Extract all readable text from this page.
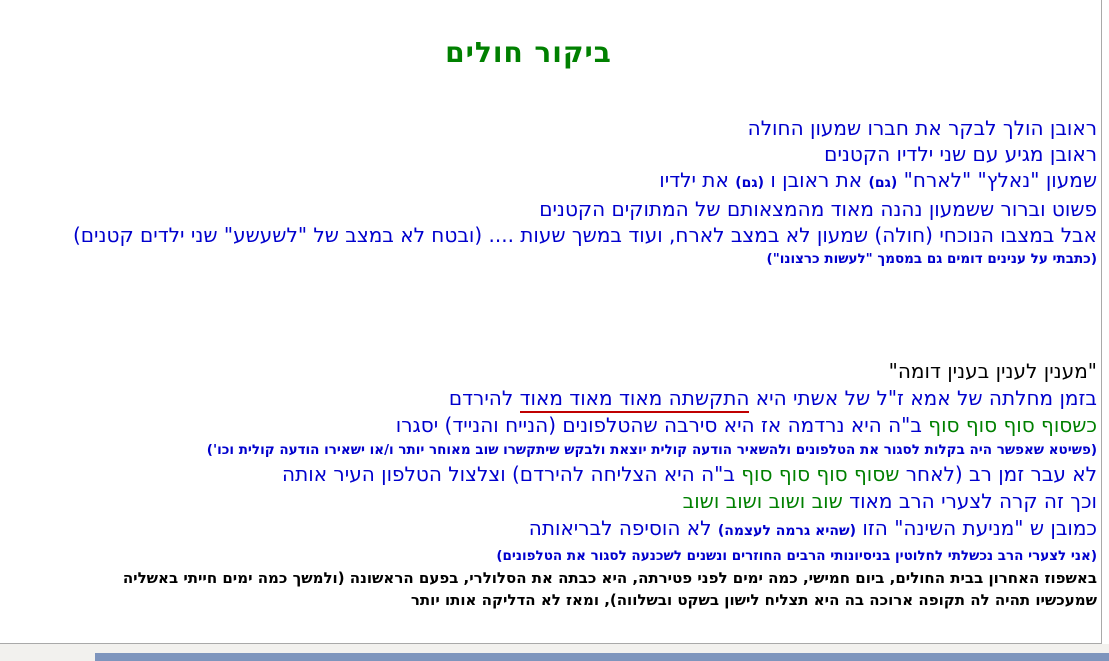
ביקור חולים
ראובן הולך לבקר את חברו שמעון החולה
ראובן מגיע עם שני ילדיו הקטנים
שמעון "נאלץ" "לארח" (גם) את ראובן ו (גם) את ילדיו
פשוט וברור ששמעון נהנה מאוד מהמצאותם של המתוקים הקטנים
אבל במצבו הנוכחי (חולה) שמעון לא במצב לארח, ועוד במשך שעות .... (ובטח לא במצב של "לשעשע" שני ילדים קטנים)
(כתבתי על ענינים דומים גם במסמך "לעשות כרצונו")
"מענין לענין בענין דומה"
בזמן מחלתה של אמא ז"ל של אשתי היא התקשתה מאוד מאוד מאוד להירדם
כשסוף סוף סוף סוף ב"ה היא נרדמה אז היא סירבה שהטלפונים (הנייח והנייד) יסגרו
(פשיטא שאפשר היה בקלות לסגור את הטלפונים ולהשאיר הודעה קולית יוצאת ולבקש שיתקשרו שוב מאוחר יותר ו/או ישאירו הודעה קולית וכו')
לא עבר זמן רב (לאחר שסוף סוף סוף סוף ב"ה היא הצליחה להירדם) וצלצול הטלפון העיר אותה
וכך זה קרה לצערי הרב מאוד שוב ושוב ושוב ושוב
כמובן ש "מניעת השינה" הזו (שהיא גרמה לעצמה) לא הוסיפה לבריאותה
(אני לצערי הרב נכשלתי לחלוטין בניסיונותי הרבים החוזרים ונשנים לשכנעה לסגור את הטלפונים)
באשפוז האחרון בבית החולים, ביום חמישי, כמה ימים לפני פטירתה, היא כבתה את הסלולרי, בפעם הראשונה (ולמשך כמה ימים חייתי באשליה
שמעכשיו תהיה לה תקופה ארוכה בה היא תצליח לישון בשקט ובשלווה), ומאז לא הדליקה אותו יותר
